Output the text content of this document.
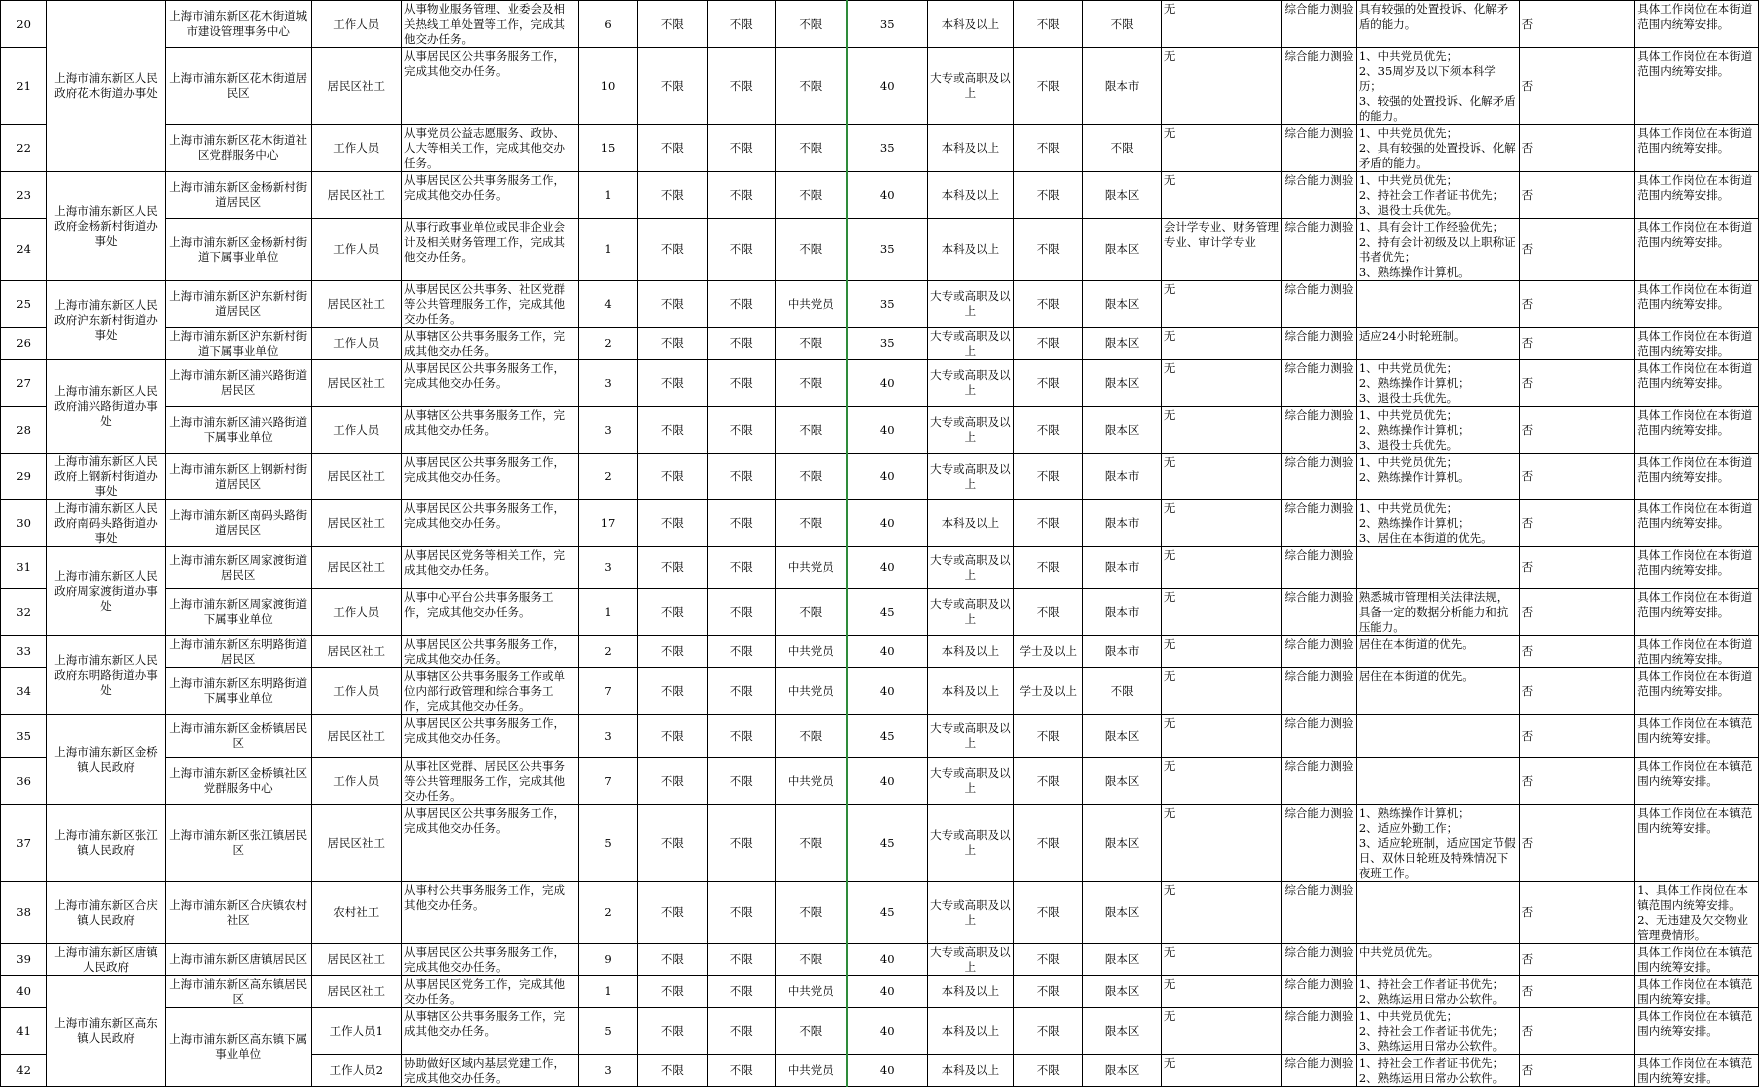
20	上海市浦东新区人民政府花木街道办事处	上海市浦东新区花木街道城市建设管理事务中心	工作人员	从事物业服务管理、业委会及相关热线工单处置等工作，完成其他交办任务。	6	不限	不限	不限	35	本科及以上	不限	不限	无	综合能力测验	具有较强的处置投诉、化解矛盾的能力。	否	具体工作岗位在本街道范围内统筹安排。
21		上海市浦东新区花木街道居民区	居民区社工	从事居民区公共事务服务工作，完成其他交办任务。	10	不限	不限	不限	40	大专或高职及以上	不限	限本市	无	综合能力测验	1、中共党员优先；
2、35周岁及以下须本科学历；
3、较强的处置投诉、化解矛盾的能力。	否	具体工作岗位在本街道范围内统筹安排。
22		上海市浦东新区花木街道社区党群服务中心	工作人员	从事党员公益志愿服务、政协、人大等相关工作，完成其他交办任务。	15	不限	不限	不限	35	本科及以上	不限	不限	无	综合能力测验	1、中共党员优先；
2、具有较强的处置投诉、化解矛盾的能力。	否	具体工作岗位在本街道范围内统筹安排。
23	上海市浦东新区人民政府金杨新村街道办事处	上海市浦东新区金杨新村街道居民区	居民区社工	从事居民区公共事务服务工作，完成其他交办任务。	1	不限	不限	不限	40	本科及以上	不限	限本区	无	综合能力测验	1、中共党员优先；
2、持社会工作者证书优先；
3、退役士兵优先。	否	具体工作岗位在本街道范围内统筹安排。
24		上海市浦东新区金杨新村街道下属事业单位	工作人员	从事行政事业单位或民非企业会计及相关财务管理工作，完成其他交办任务。	1	不限	不限	不限	35	本科及以上	不限	限本区	会计学专业、财务管理专业、审计学专业	综合能力测验	1、具有会计工作经验优先；
2、持有会计初级及以上职称证书者优先；
3、熟练操作计算机。	否	具体工作岗位在本街道范围内统筹安排。
25	上海市浦东新区人民政府沪东新村街道办事处	上海市浦东新区沪东新村街道居民区	居民区社工	从事居民区公共事务、社区党群等公共管理服务工作，完成其他交办任务。	4	不限	不限	中共党员	35	大专或高职及以上	不限	限本区	无	综合能力测验		否	具体工作岗位在本街道范围内统筹安排。
26		上海市浦东新区沪东新村街道下属事业单位	工作人员	从事辖区公共事务服务工作，完成其他交办任务。	2	不限	不限	不限	35	大专或高职及以上	不限	限本区	无	综合能力测验	适应24小时轮班制。	否	具体工作岗位在本街道范围内统筹安排。
27	上海市浦东新区人民政府浦兴路街道办事处	上海市浦东新区浦兴路街道居民区	居民区社工	从事居民区公共事务服务工作，完成其他交办任务。	3	不限	不限	不限	40	大专或高职及以上	不限	限本区	无	综合能力测验	1、中共党员优先；
2、熟练操作计算机；
3、退役士兵优先。	否	具体工作岗位在本街道范围内统筹安排。
28		上海市浦东新区浦兴路街道下属事业单位	工作人员	从事辖区公共事务服务工作，完成其他交办任务。	3	不限	不限	不限	40	大专或高职及以上	不限	限本区	无	综合能力测验	1、中共党员优先；
2、熟练操作计算机；
3、退役士兵优先。	否	具体工作岗位在本街道范围内统筹安排。
29	上海市浦东新区人民政府上钢新村街道办事处	上海市浦东新区上钢新村街道居民区	居民区社工	从事居民区公共事务服务工作，完成其他交办任务。	2	不限	不限	不限	40	大专或高职及以上	不限	限本市	无	综合能力测验	1、中共党员优先；
2、熟练操作计算机。	否	具体工作岗位在本街道范围内统筹安排。
30	上海市浦东新区人民政府南码头路街道办事处	上海市浦东新区南码头路街道居民区	居民区社工	从事居民区公共事务服务工作，完成其他交办任务。	17	不限	不限	不限	40	本科及以上	不限	限本市	无	综合能力测验	1、中共党员优先；
2、熟练操作计算机；
3、居住在本街道的优先。	否	具体工作岗位在本街道范围内统筹安排。
31	上海市浦东新区人民政府周家渡街道办事处	上海市浦东新区周家渡街道居民区	居民区社工	从事居民区党务等相关工作，完成其他交办任务。	3	不限	不限	中共党员	40	大专或高职及以上	不限	限本市	无	综合能力测验		否	具体工作岗位在本街道范围内统筹安排。
32		上海市浦东新区周家渡街道下属事业单位	工作人员	从事中心平台公共事务服务工作，完成其他交办任务。	1	不限	不限	不限	45	大专或高职及以上	不限	限本市	无	综合能力测验	熟悉城市管理相关法律法规，具备一定的数据分析能力和抗压能力。	否	具体工作岗位在本街道范围内统筹安排。
33	上海市浦东新区人民政府东明路街道办事处	上海市浦东新区东明路街道居民区	居民区社工	从事居民区公共事务服务工作，完成其他交办任务。	2	不限	不限	中共党员	40	本科及以上	学士及以上	限本市	无	综合能力测验	居住在本街道的优先。	否	具体工作岗位在本街道范围内统筹安排。
34		上海市浦东新区东明路街道下属事业单位	工作人员	从事辖区公共事务服务工作或单位内部行政管理和综合事务工作，完成其他交办任务。	7	不限	不限	中共党员	40	本科及以上	学士及以上	不限	无	综合能力测验	居住在本街道的优先。	否	具体工作岗位在本街道范围内统筹安排。
35	上海市浦东新区金桥镇人民政府	上海市浦东新区金桥镇居民区	居民区社工	从事居民区公共事务服务工作，完成其他交办任务。	3	不限	不限	不限	45	大专或高职及以上	不限	限本区	无	综合能力测验		否	具体工作岗位在本镇范围内统筹安排。
36		上海市浦东新区金桥镇社区党群服务中心	工作人员	从事社区党群、居民区公共事务等公共管理服务工作，完成其他交办任务。	7	不限	不限	中共党员	40	大专或高职及以上	不限	限本区	无	综合能力测验		否	具体工作岗位在本镇范围内统筹安排。
37	上海市浦东新区张江镇人民政府	上海市浦东新区张江镇居民区	居民区社工	从事居民区公共事务服务工作，完成其他交办任务。	5	不限	不限	不限	45	大专或高职及以上	不限	限本区	无	综合能力测验	1、熟练操作计算机；
2、适应外勤工作；
3、适应轮班制，适应国定节假日、双休日轮班及特殊情况下夜班工作。	否	具体工作岗位在本镇范围内统筹安排。
38	上海市浦东新区合庆镇人民政府	上海市浦东新区合庆镇农村社区	农村社工	从事村公共事务服务工作，完成其他交办任务。	2	不限	不限	不限	45	大专或高职及以上	不限	限本区	无	综合能力测验		否	1、具体工作岗位在本镇范围内统筹安排。
2、无违建及欠交物业管理费情形。
39	上海市浦东新区唐镇人民政府	上海市浦东新区唐镇居民区	居民区社工	从事居民区公共事务服务工作，完成其他交办任务。	9	不限	不限	不限	40	大专或高职及以上	不限	限本区	无	综合能力测验	中共党员优先。	否	具体工作岗位在本镇范围内统筹安排。
40	上海市浦东新区高东镇人民政府	上海市浦东新区高东镇居民区	居民区社工	从事居民区党务工作，完成其他交办任务。	1	不限	不限	中共党员	40	本科及以上	不限	限本区	无	综合能力测验	1、持社会工作者证书优先；
2、熟练运用日常办公软件。	否	具体工作岗位在本镇范围内统筹安排。
41		上海市浦东新区高东镇下属事业单位	工作人员1	从事辖区公共事务服务工作，完成其他交办任务。	5	不限	不限	不限	40	本科及以上	不限	限本区	无	综合能力测验	1、中共党员优先；
2、持社会工作者证书优先；
3、熟练运用日常办公软件。	否	具体工作岗位在本镇范围内统筹安排。
42			工作人员2	协助做好区域内基层党建工作，完成其他交办任务。	3	不限	不限	中共党员	40	本科及以上	不限	限本区	无	综合能力测验	1、持社会工作者证书优先；
2、熟练运用日常办公软件。	否	具体工作岗位在本镇范围内统筹安排。
